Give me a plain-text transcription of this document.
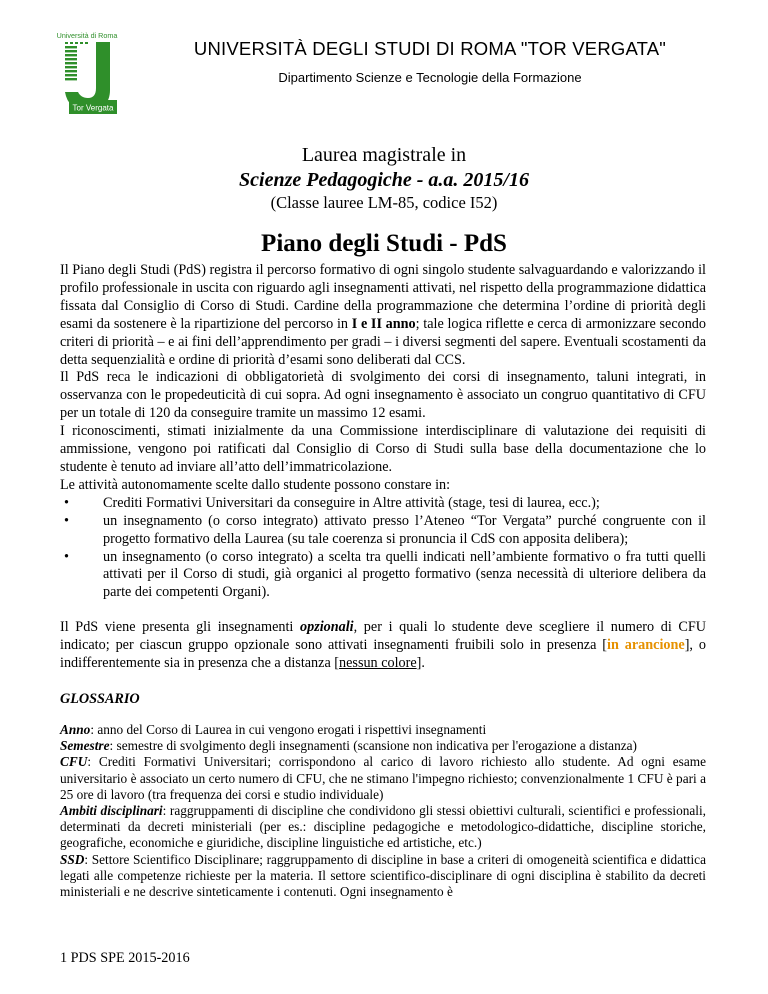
Università di Roma
Tor Vergata
UNIVERSITÀ DEGLI STUDI DI ROMA "TOR VERGATA"
Dipartimento Scienze e Tecnologie della Formazione
Laurea magistrale in
Scienze Pedagogiche - a.a. 2015/16
(Classe lauree LM-85, codice I52)
Piano degli Studi - PdS

Il Piano degli Studi (PdS) registra il percorso formativo di ogni singolo studente salvaguardando e valorizzando il profilo professionale in uscita con riguardo agli insegnamenti attivati, nel rispetto della programmazione didattica fissata dal Consiglio di Corso di Studi. Cardine della programmazione che determina l’ordine di priorità degli esami da sostenere è la ripartizione del percorso in I e II anno; tale logica riflette e cerca di armonizzare secondo criteri di priorità – e ai fini dell’apprendimento per gradi – i diversi segmenti del sapere. Eventuali scostamenti da detta sequenzialità e ordine di priorità d’esami sono deliberati dal CCS.

Il PdS reca le indicazioni di obbligatorietà di svolgimento dei corsi di insegnamento, taluni integrati, in osservanza con le propedeuticità di cui sopra. Ad ogni insegnamento è associato un congruo quantitativo di CFU per un totale di 120 da conseguire tramite un massimo 12 esami.

I riconoscimenti, stimati inizialmente da una Commissione interdisciplinare di valutazione dei requisiti di ammissione, vengono poi ratificati dal Consiglio di Corso di Studi sulla base della documentazione che lo studente è tenuto ad inviare all’atto dell’immatricolazione.

Le attività autonomamente scelte dallo studente possono constare in:

• Crediti Formativi Universitari da conseguire in Altre attività (stage, tesi di laurea, ecc.);
• un insegnamento (o corso integrato) attivato presso l’Ateneo “Tor Vergata” purché congruente con il progetto formativo della Laurea (su tale coerenza si pronuncia il CdS con apposita delibera);
• un insegnamento (o corso integrato) a scelta tra quelli indicati nell’ambiente formativo o fra tutti quelli attivati per il Corso di studi, già organici al progetto formativo (senza necessità di ulteriore delibera da parte dei competenti Organi).

Il PdS viene presenta gli insegnamenti opzionali, per i quali lo studente deve scegliere il numero di CFU indicato; per ciascun gruppo opzionale sono attivati insegnamenti fruibili solo in presenza [in arancione], o indifferentemente sia in presenza che a distanza [nessun colore].

GLOSSARIO

Anno: anno del Corso di Laurea in cui vengono erogati i rispettivi insegnamenti

Semestre: semestre di svolgimento degli insegnamenti (scansione non indicativa per l'erogazione a distanza)

CFU: Crediti Formativi Universitari; corrispondono al carico di lavoro richiesto allo studente. Ad ogni esame universitario è associato un certo numero di CFU, che ne stimano l'impegno richiesto; convenzionalmente 1 CFU è pari a 25 ore di lavoro (tra frequenza dei corsi e studio individuale)

Ambiti disciplinari: raggruppamenti di discipline che condividono gli stessi obiettivi culturali, scientifici e professionali, determinati da decreti ministeriali (per es.: discipline pedagogiche e metodologico-didattiche, discipline storiche, geografiche, economiche e giuridiche, discipline linguistiche ed artistiche, etc.)

SSD: Settore Scientifico Disciplinare; raggruppamento di discipline in base a criteri di omogeneità scientifica e didattica legati alle competenze richieste per la materia. Il settore scientifico-disciplinare di ogni disciplina è stabilito da decreti ministeriali e ne descrive sinteticamente i contenuti. Ogni insegnamento è

1 PDS SPE 2015-2016
